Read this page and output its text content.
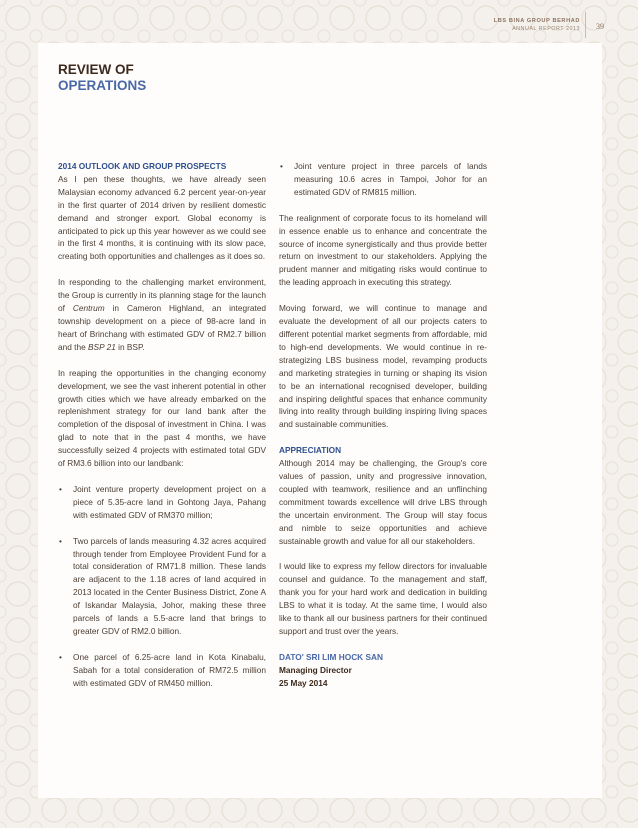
LBS BINA GROUP BERHAD
ANNUAL REPORT 2013 39
REVIEW OF
OPERATIONS
2014 OUTLOOK AND GROUP PROSPECTS

As I pen these thoughts, we have already seen Malaysian economy advanced 6.2 percent year-on-year in the first quarter of 2014 driven by resilient domestic demand and stronger export. Global economy is anticipated to pick up this year however as we could see in the first 4 months, it is continuing with its slow pace, creating both opportunities and challenges as it does so.

In responding to the challenging market environment, the Group is currently in its planning stage for the launch of Centrum in Cameron Highland, an integrated township development on a piece of 98-acre land in heart of Brinchang with estimated GDV of RM2.7 billion and the BSP 21 in BSP.

In reaping the opportunities in the changing economy development, we see the vast inherent potential in other growth cities which we have already embarked on the replenishment strategy for our land bank after the completion of the disposal of investment in China. I was glad to note that in the past 4 months, we have successfully seized 4 projects with estimated total GDV of RM3.6 billion into our landbank:

• Joint venture property development project on a piece of 5.35-acre land in Gohtong Jaya, Pahang with estimated GDV of RM370 million;
• Two parcels of lands measuring 4.32 acres acquired through tender from Employee Provident Fund for a total consideration of RM71.8 million. These lands are adjacent to the 1.18 acres of land acquired in 2013 located in the Center Business District, Zone A of Iskandar Malaysia, Johor, making these three parcels of lands a 5.5-acre land that brings to greater GDV of RM2.0 billion.
• One parcel of 6.25-acre land in Kota Kinabalu, Sabah for a total consideration of RM72.5 million with estimated GDV of RM450 million.
• Joint venture project in three parcels of lands measuring 10.6 acres in Tampoi, Johor for an estimated GDV of RM815 million.

The realignment of corporate focus to its homeland will in essence enable us to enhance and concentrate the source of income synergistically and thus provide better return on investment to our stakeholders. Applying the prudent manner and mitigating risks would continue to the leading approach in executing this strategy.

Moving forward, we will continue to manage and evaluate the development of all our projects caters to different potential market segments from affordable, mid to high-end developments. We would continue in re-strategizing LBS business model, revamping products and marketing strategies in turning or shaping its vision to be an international recognised developer, building and inspiring delightful spaces that enhance community living into reality through building inspiring living spaces and sustainable communities.

APPRECIATION

Although 2014 may be challenging, the Group's core values of passion, unity and progressive innovation, coupled with teamwork, resilience and an unflinching commitment towards excellence will drive LBS through the uncertain environment. The Group will stay focus and nimble to seize opportunities and achieve sustainable growth and value for all our stakeholders.

I would like to express my fellow directors for invaluable counsel and guidance. To the management and staff, thank you for your hard work and dedication in building LBS to what it is today. At the same time, I would also like to thank all our business partners for their continued support and trust over the years.

DATO' SRI LIM HOCK SAN
Managing Director
25 May 2014
